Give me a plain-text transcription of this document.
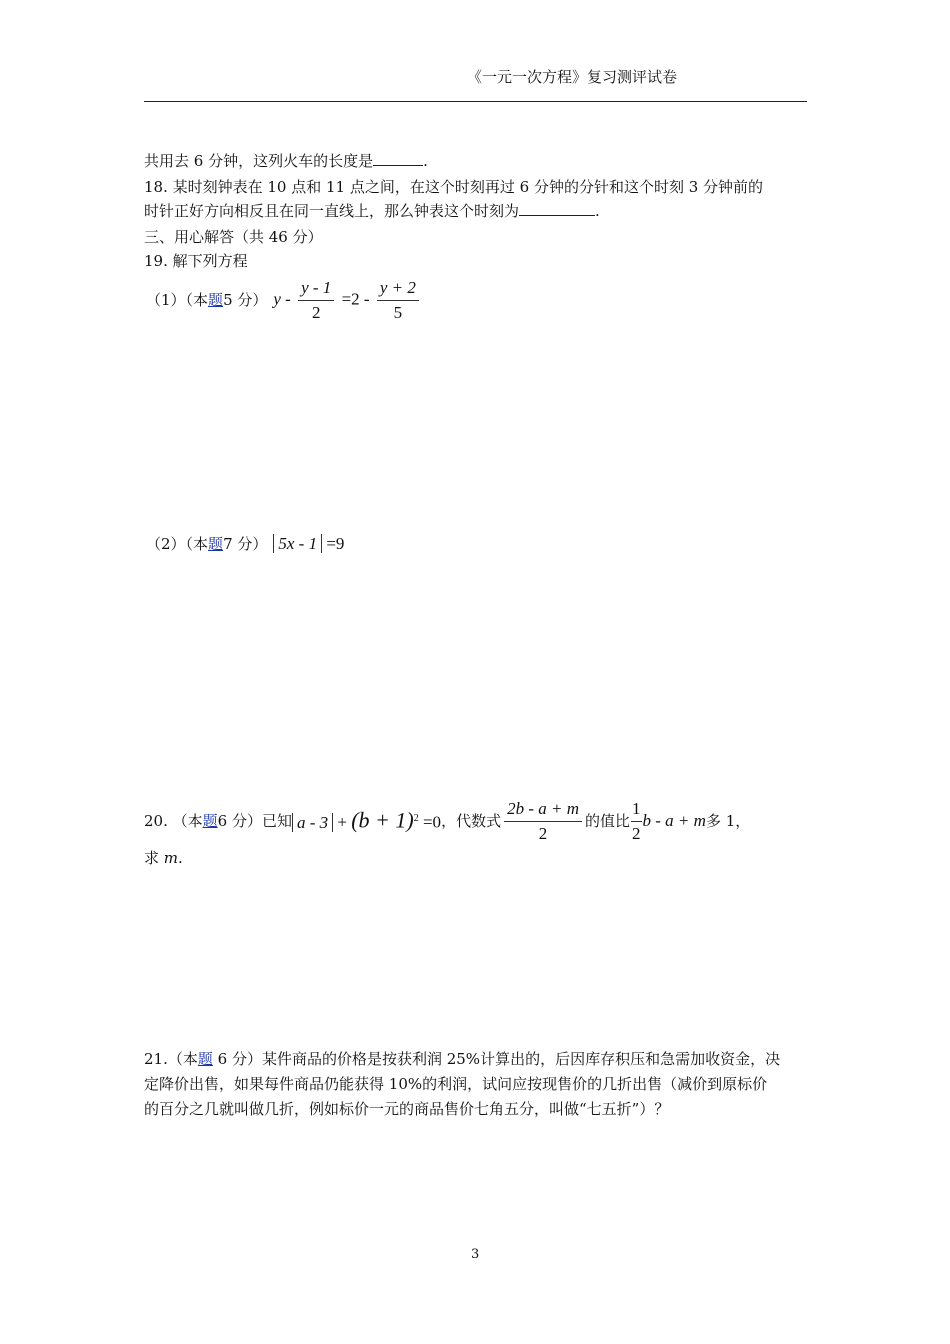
《一元一次方程》复习测评试卷
共用去 6 分钟，这列火车的长度是	.
18. 某时刻钟表在 10 点和 11 点之间，在这个时刻再过 6 分钟的分针和这个时刻 3 分钟前的
时针正好方向相反且在同一直线上，那么钟表这个时刻为	.
三、用心解答（共 46 分）
19. 解下列方程
（1）（本 题 5 分） $y - \frac{y - 1}{2} =2 - \frac{y + 2}{5}$
（2）（本 题 7 分） 5x - 1 =9
20. （本 题 6 分）已知 $a - 3 + (b + 1)^2 =0$ ，代数式 $\frac{2b - a + m}{2}$ 的值比 $\frac{1}{2}$ b - a + m 多 1，
求 m.
21.（本题 6 分）某件商品的价格是按获利润 25%计算出的，后因库存积压和急需加收资金，决
定降价出售，如果每件商品仍能获得 10%的利润，试问应按现售价的几折出售（减价到原标价
的百分之几就叫做几折，例如标价一元的商品售价七角五分，叫做“七五折”）？
3
